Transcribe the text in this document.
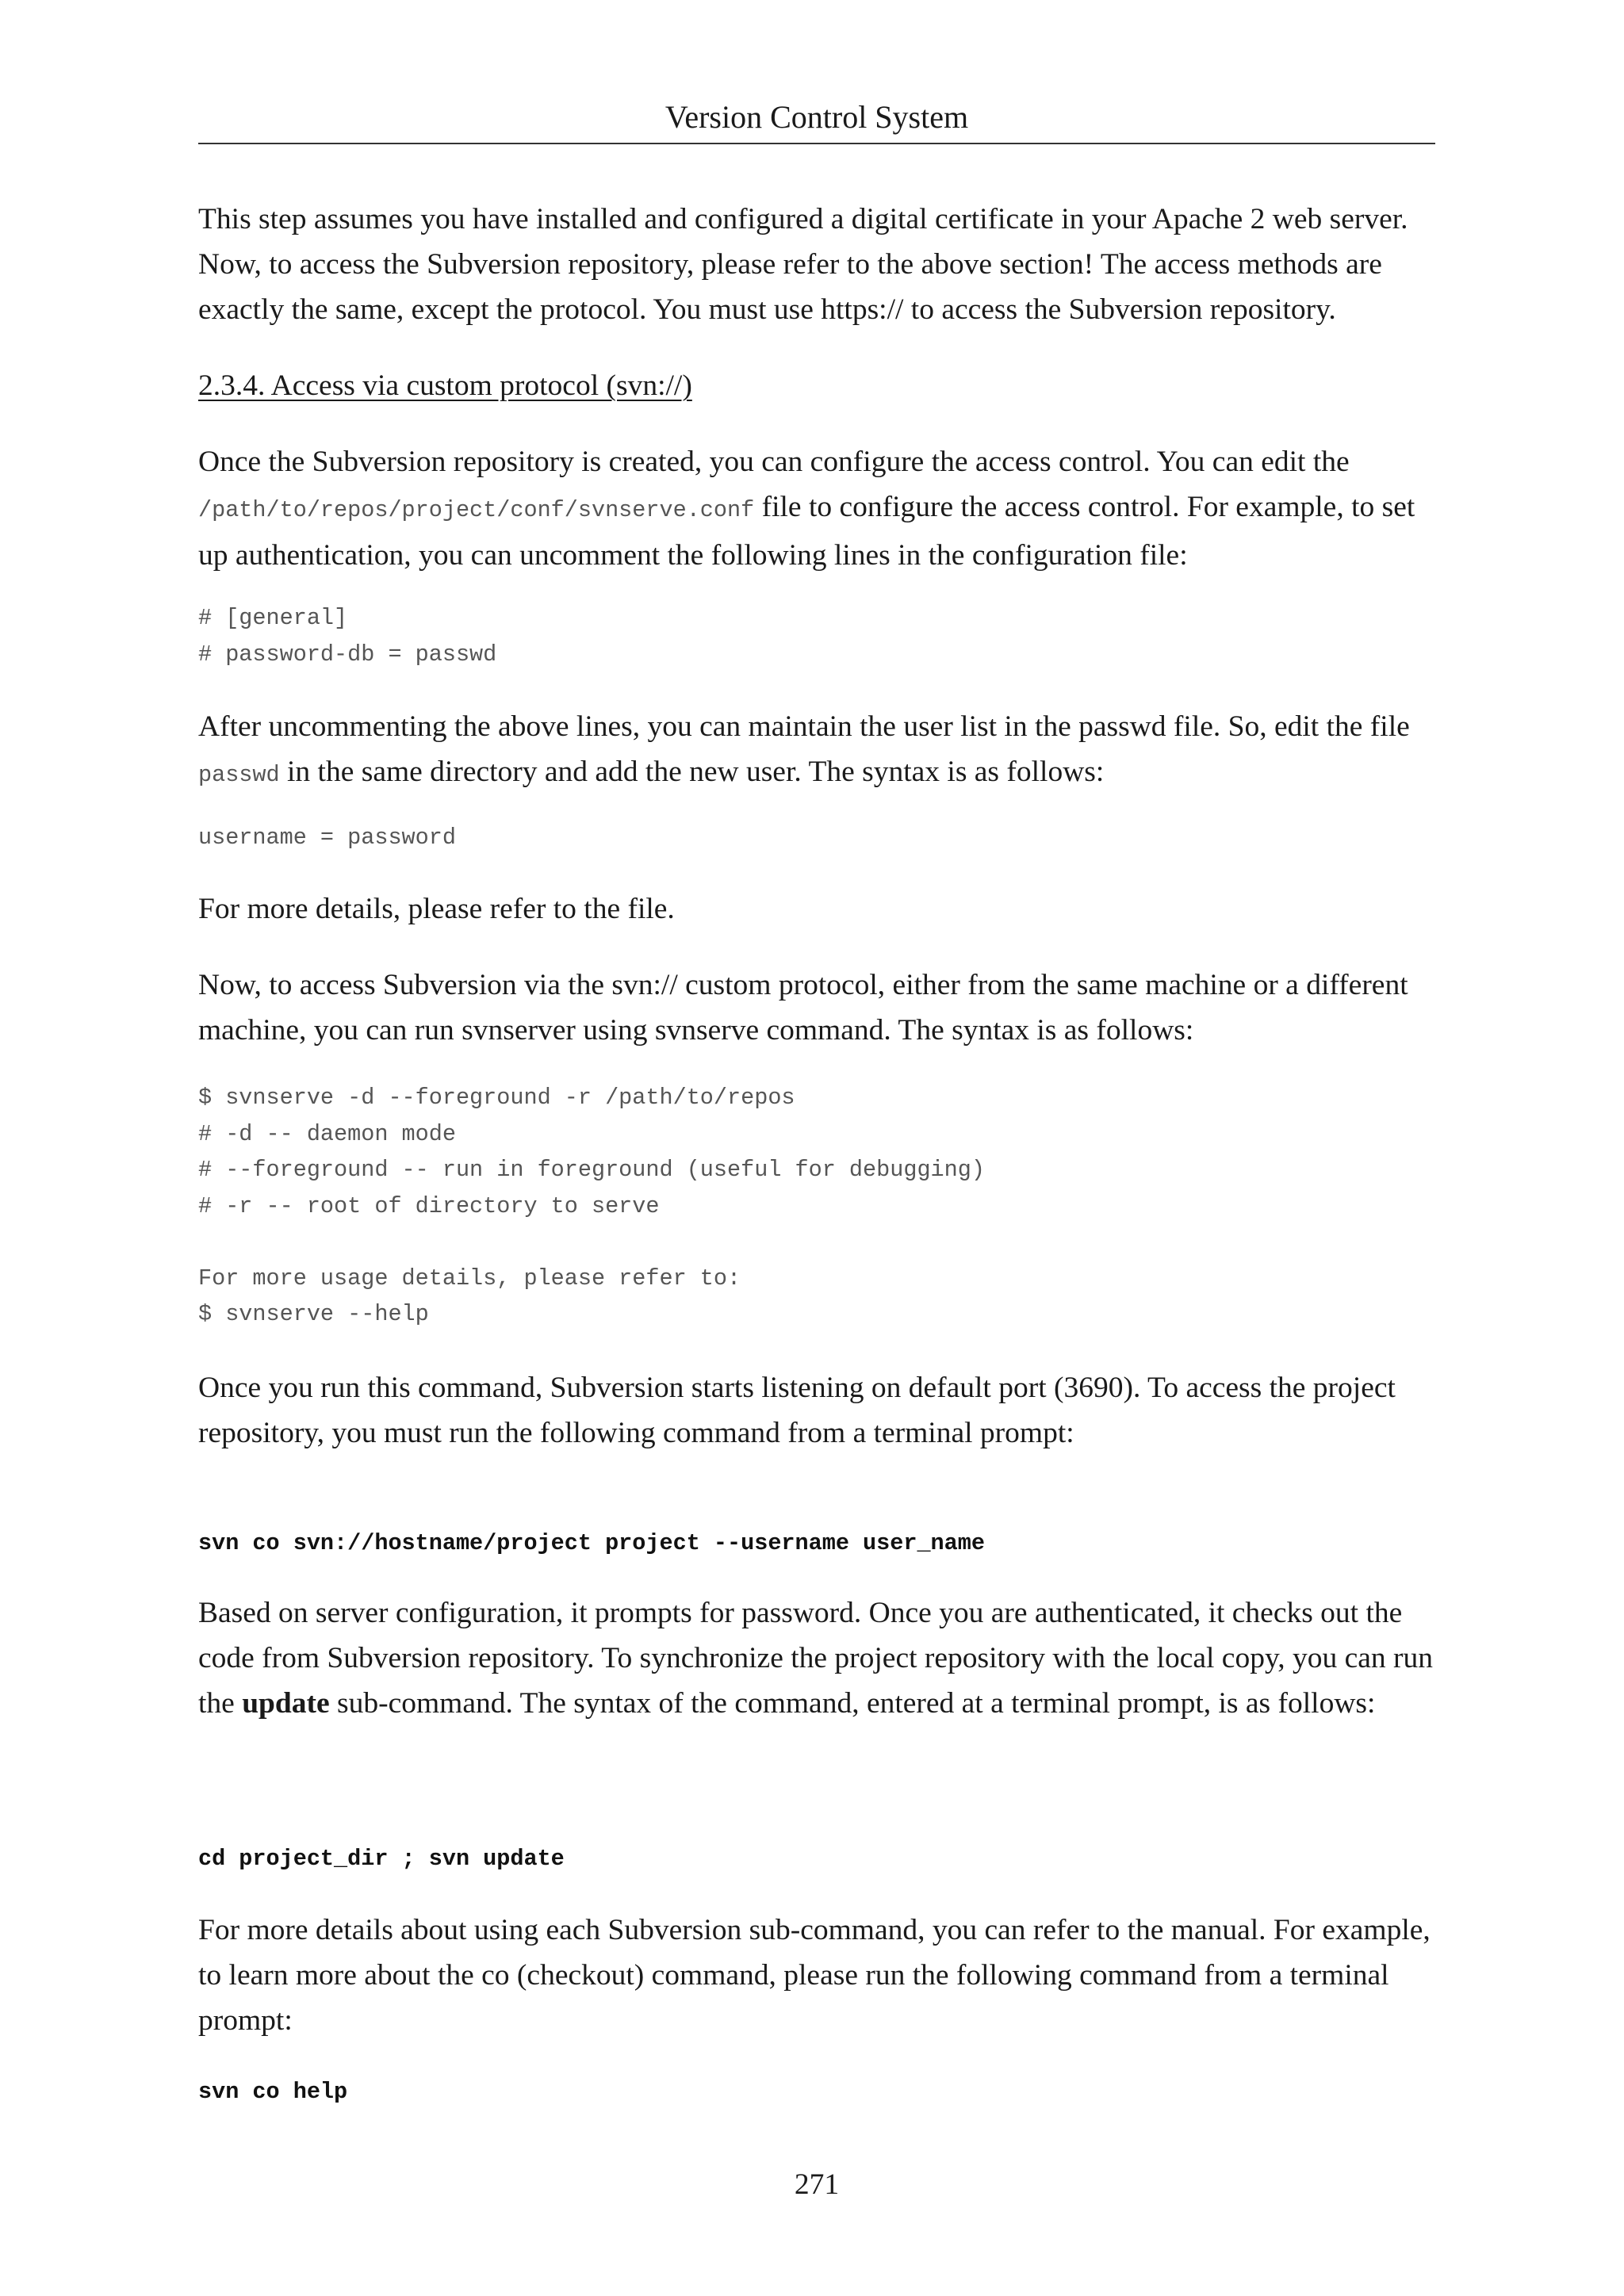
Version Control System

This step assumes you have installed and configured a digital certificate in your Apache 2 web server. Now, to access the Subversion repository, please refer to the above section! The access methods are exactly the same, except the protocol. You must use https:// to access the Subversion repository.

2.3.4. Access via custom protocol (svn://)

Once the Subversion repository is created, you can configure the access control. You can edit the /path/to/repos/project/conf/svnserve.conf file to configure the access control. For example, to set up authentication, you can uncomment the following lines in the configuration file:

# [general]
# password-db = passwd

After uncommenting the above lines, you can maintain the user list in the passwd file. So, edit the file passwd in the same directory and add the new user. The syntax is as follows:

username = password

For more details, please refer to the file.

Now, to access Subversion via the svn:// custom protocol, either from the same machine or a different machine, you can run svnserver using svnserve command. The syntax is as follows:

$ svnserve -d --foreground -r /path/to/repos
# -d -- daemon mode
# --foreground -- run in foreground (useful for debugging)
# -r -- root of directory to serve
For more usage details, please refer to:
$ svnserve --help

Once you run this command, Subversion starts listening on default port (3690). To access the project repository, you must run the following command from a terminal prompt:

svn co svn://hostname/project project --username user_name

Based on server configuration, it prompts for password. Once you are authenticated, it checks out the code from Subversion repository. To synchronize the project repository with the local copy, you can run the update sub-command. The syntax of the command, entered at a terminal prompt, is as follows:

cd project_dir ; svn update

For more details about using each Subversion sub-command, you can refer to the manual. For example, to learn more about the co (checkout) command, please run the following command from a terminal prompt:

svn co help
271
